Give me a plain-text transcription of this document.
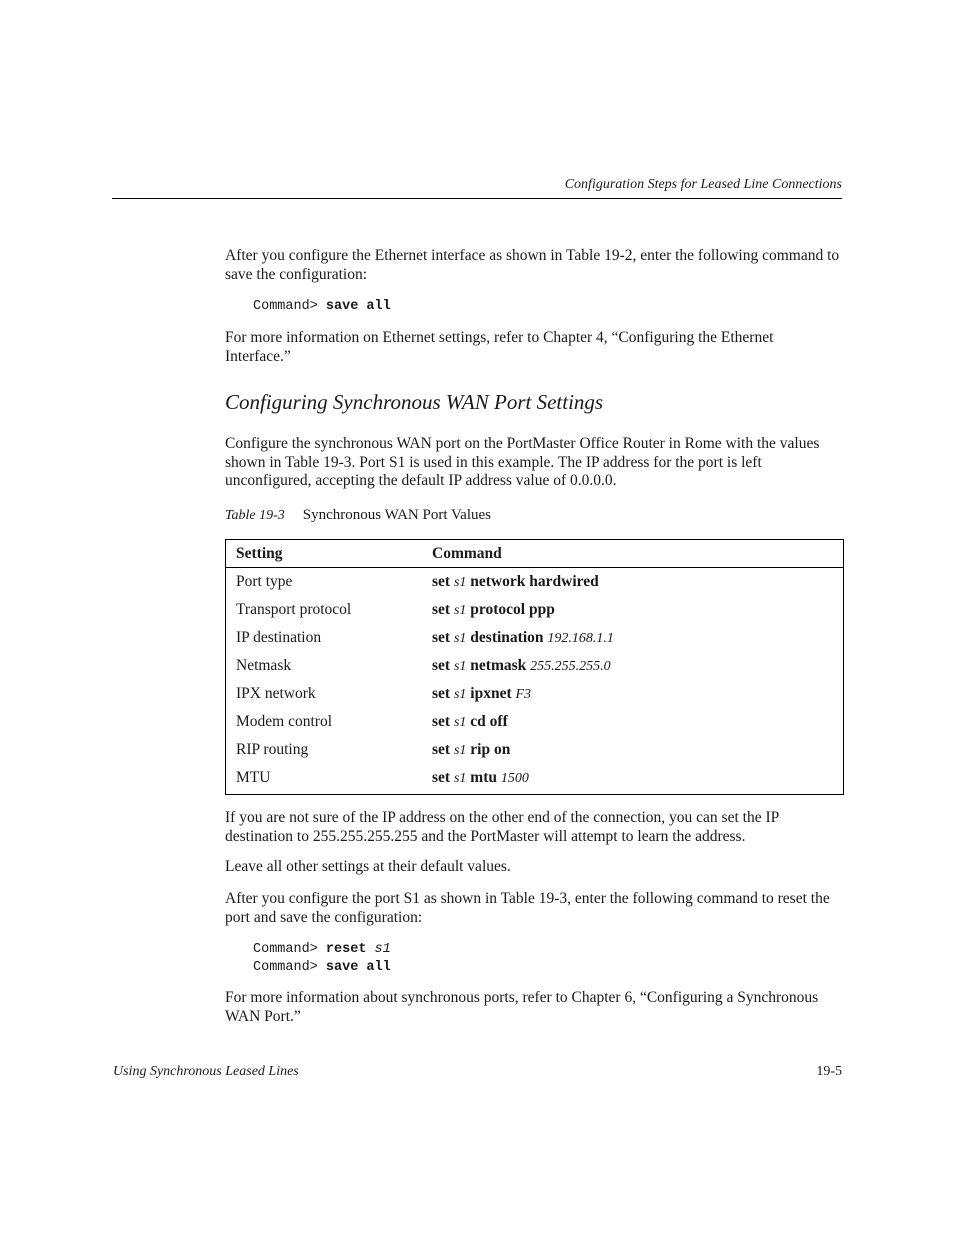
Configuration Steps for Leased Line Connections
After you configure the Ethernet interface as shown in Table 19-2, enter the following command to save the configuration:
Command> save all
For more information on Ethernet settings, refer to Chapter 4, “Configuring the Ethernet Interface.”
Configuring Synchronous WAN Port Settings
Configure the synchronous WAN port on the PortMaster Office Router in Rome with the values shown in Table 19-3. Port S1 is used in this example. The IP address for the port is left unconfigured, accepting the default IP address value of 0.0.0.0.
Table 19-3 Synchronous WAN Port Values
Setting	Command
Port type	set s1 network hardwired
Transport protocol	set s1 protocol ppp
IP destination	set s1 destination 192.168.1.1
Netmask	set s1 netmask 255.255.255.0
IPX network	set s1 ipxnet F3
Modem control	set s1 cd off
RIP routing	set s1 rip on
MTU	set s1 mtu 1500
If you are not sure of the IP address on the other end of the connection, you can set the IP destination to 255.255.255.255 and the PortMaster will attempt to learn the address.
Leave all other settings at their default values.
After you configure the port S1 as shown in Table 19-3, enter the following command to reset the port and save the configuration:
Command> reset s1
Command> save all
For more information about synchronous ports, refer to Chapter 6, “Configuring a Synchronous WAN Port.”
Using Synchronous Leased Lines	19-5
